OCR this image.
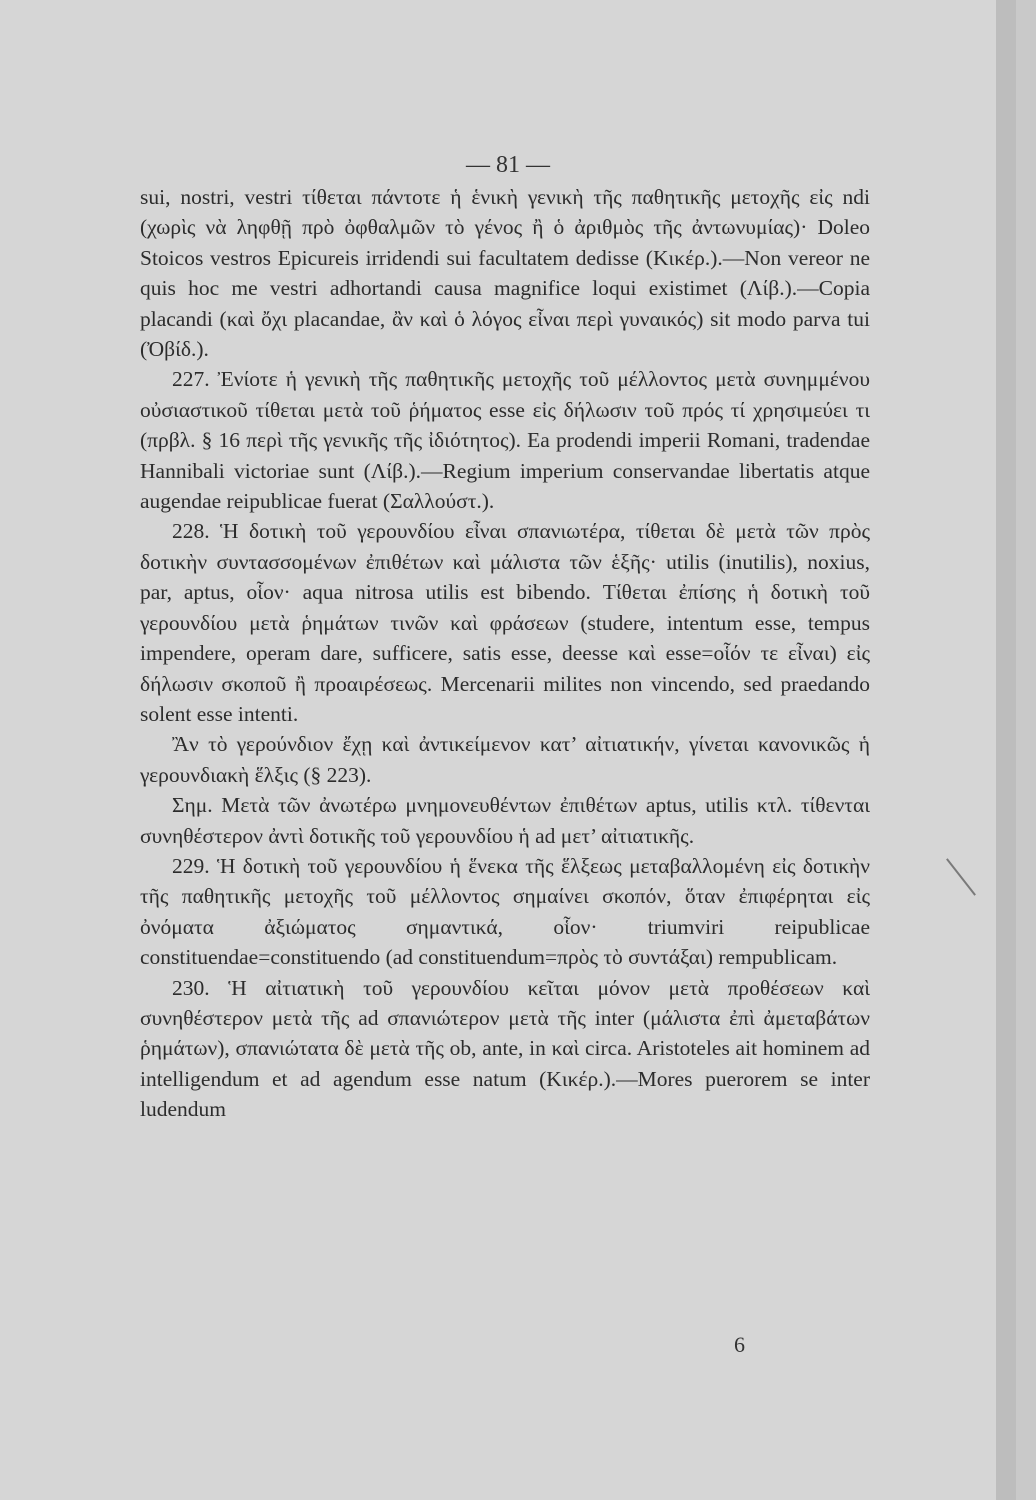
— 81 —

sui, nostri, vestri τίθεται πάντοτε ἡ ἑνικὴ γενικὴ τῆς παθητικῆς μετοχῆς εἰς ndi (χωρὶς νὰ ληφθῇ πρὸ ὀφθαλμῶν τὸ γένος ἢ ὁ ἀριθμὸς τῆς ἀντωνυμίας)· Doleo Stoicos vestros Epicureis irridendi sui facultatem dedisse (Κικέρ.).—Non vereor ne quis hoc me vestri adhortandi causa magnifice loqui existimet (Λίβ.).—Copia placandi (καὶ ὄχι placandae, ἂν καὶ ὁ λόγος εἶναι περὶ γυναικός) sit modo parva tui (Ὀβίδ.).

227. Ἐνίοτε ἡ γενικὴ τῆς παθητικῆς μετοχῆς τοῦ μέλλοντος μετὰ συνημμένου οὐσιαστικοῦ τίθεται μετὰ τοῦ ῥήματος esse εἰς δήλωσιν τοῦ πρός τί χρησιμεύει τι (πρβλ. § 16 περὶ τῆς γενικῆς τῆς ἰδιότητος). Ea prodendi imperii Romani, tradendae Hannibali victoriae sunt (Λίβ.).—Regium imperium conservandae libertatis atque augendae reipublicae fuerat (Σαλλούστ.).

228. Ἡ δοτικὴ τοῦ γερουνδίου εἶναι σπανιωτέρα, τίθεται δὲ μετὰ τῶν πρὸς δοτικὴν συντασσομένων ἐπιθέτων καὶ μάλιστα τῶν ἑξῆς· utilis (inutilis), noxius, par, aptus, οἷον· aqua nitrosa utilis est bibendo. Τίθεται ἐπίσης ἡ δοτικὴ τοῦ γερουνδίου μετὰ ῥημάτων τινῶν καὶ φράσεων (studere, intentum esse, tempus impendere, operam dare, sufficere, satis esse, deesse καὶ esse=οἷόν τε εἶναι) εἰς δήλωσιν σκοποῦ ἢ προαιρέσεως. Mercenarii milites non vincendo, sed praedando solent esse intenti.

Ἂν τὸ γερούνδιον ἔχῃ καὶ ἀντικείμενον κατ’ αἰτιατικήν, γίνεται κανονικῶς ἡ γερουνδιακὴ ἕλξις (§ 223).

Σημ. Μετὰ τῶν ἀνωτέρω μνημονευθέντων ἐπιθέτων aptus, utilis κτλ. τίθενται συνηθέστερον ἀντὶ δοτικῆς τοῦ γερουνδίου ἡ ad μετ’ αἰτιατικῆς.

229. Ἡ δοτικὴ τοῦ γερουνδίου ἡ ἕνεκα τῆς ἕλξεως μεταβαλλομένη εἰς δοτικὴν τῆς παθητικῆς μετοχῆς τοῦ μέλλοντος σημαίνει σκοπόν, ὅταν ἐπιφέρηται εἰς ὀνόματα ἀξιώματος σημαντικά, οἷον· triumviri reipublicae constituendae=constituendo (ad constituendum=πρὸς τὸ συντάξαι) rempublicam.

230. Ἡ αἰτιατικὴ τοῦ γερουνδίου κεῖται μόνον μετὰ προθέσεων καὶ συνηθέστερον μετὰ τῆς ad σπανιώτερον μετὰ τῆς inter (μάλιστα ἐπὶ ἀμεταβάτων ῥημάτων), σπανιώτατα δὲ μετὰ τῆς ob, ante, in καὶ circa. Aristoteles ait hominem ad intelligendum et ad agendum esse natum (Κικέρ.).—Mores puerorem se inter ludendum

6
